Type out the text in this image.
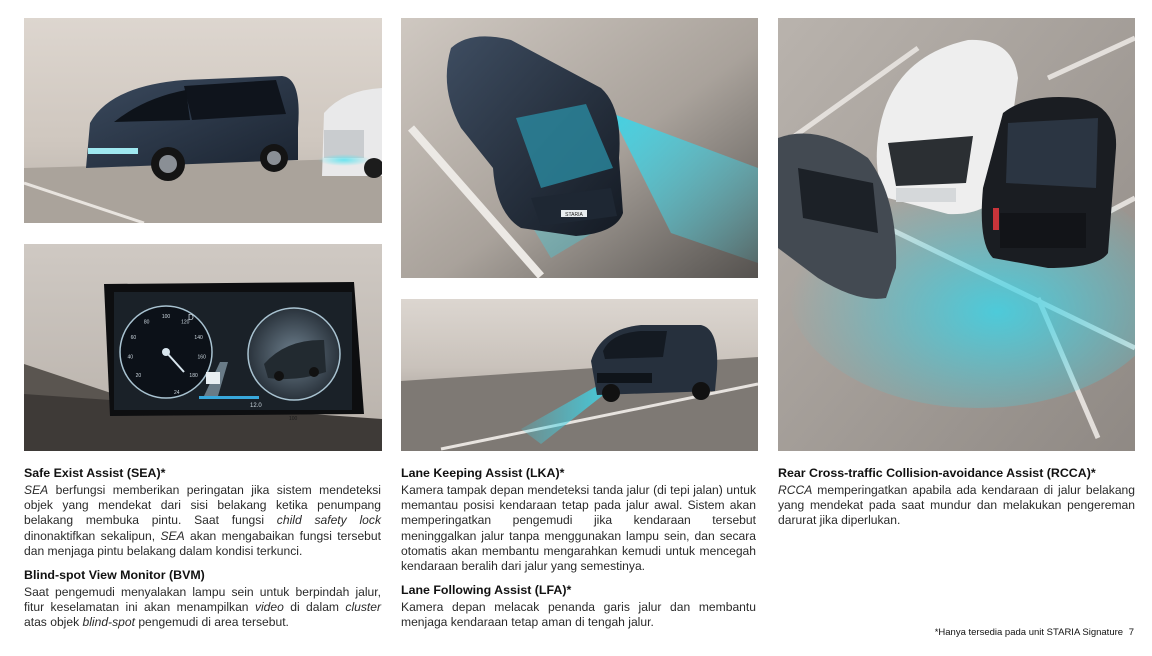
20
40
60
80
100
120
140
160
180
D
12.0
24
100
STARIA

Safe Exist Assist (SEA)*

SEA berfungsi memberikan peringatan jika sistem mendeteksi objek yang mendekat dari sisi belakang ketika penumpang belakang membuka pintu. Saat fungsi child safety lock dinonaktifkan sekalipun, SEA akan mengabaikan fungsi tersebut dan menjaga pintu belakang dalam kondisi terkunci.

Blind-spot View Monitor (BVM)

Saat pengemudi menyalakan lampu sein untuk berpindah jalur, fitur keselamatan ini akan menampilkan video di dalam cluster atas objek blind-spot pengemudi di area tersebut.

Lane Keeping Assist (LKA)*

Kamera tampak depan mendeteksi tanda jalur (di tepi jalan) untuk memantau posisi kendaraan tetap pada jalur awal. Sistem akan memperingatkan pengemudi jika kendaraan tersebut meninggalkan jalur tanpa menggunakan lampu sein, dan secara otomatis akan membantu mengarahkan kemudi untuk mencegah kendaraan beralih dari jalur yang semestinya.

Lane Following Assist (LFA)*

Kamera depan melacak penanda garis jalur dan membantu menjaga kendaraan tetap aman di tengah jalur.

Rear Cross-traffic Collision-avoidance Assist (RCCA)*

RCCA memperingatkan apabila ada kendaraan di jalur belakang yang mendekat pada saat mundur dan melakukan pengereman darurat jika diperlukan.

*Hanya tersedia pada unit STARIA Signature 7
